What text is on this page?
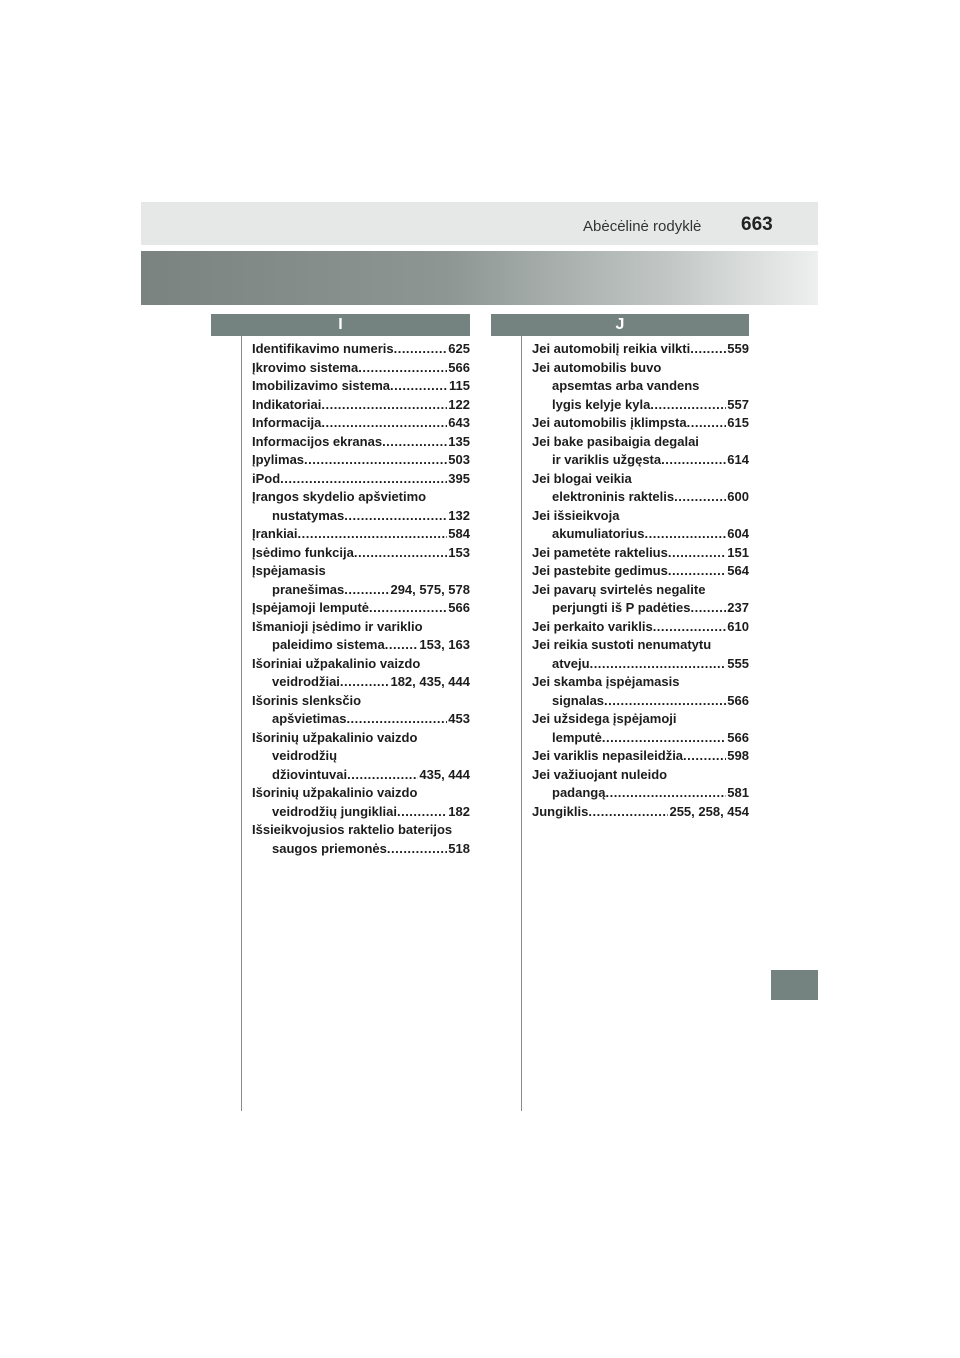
Abėcėlinė rodyklė 663
I	J
Identifikavimo numeris .....	625
Įkrovimo sistema .....	566
Imobilizavimo sistema .....	115
Indikatoriai .....	122
Informacija .....	643
Informacijos ekranas .....	135
Įpylimas .....	503
iPod .....	395
Įrangos skydelio apšvietimo
nustatymas .....	132
Įrankiai .....	584
Įsėdimo funkcija .....	153
Įspėjamasis
pranešimas .....	294, 575, 578
Įspėjamoji lemputė .....	566
Išmanioji įsėdimo ir variklio
paleidimo sistema .....	153, 163
Išoriniai užpakalinio vaizdo
veidrodžiai .....	182, 435, 444
Išorinis slenksčio
apšvietimas .....	453
Išorinių užpakalinio vaizdo
veidrodžių
džiovintuvai .....	435, 444
Išorinių užpakalinio vaizdo
veidrodžių jungikliai .....	182
Išsieikvojusios raktelio baterijos
saugos priemonės .....	518
Jei automobilį reikia vilkti .....	559
Jei automobilis buvo
apsemtas arba vandens
lygis kelyje kyla .....	557
Jei automobilis įklimpsta .....	615
Jei bake pasibaigia degalai
ir variklis užgęsta .....	614
Jei blogai veikia
elektroninis raktelis .....	600
Jei išsieikvoja
akumuliatorius .....	604
Jei pametėte raktelius .....	151
Jei pastebite gedimus .....	564
Jei pavarų svirtelės negalite
perjungti iš P padėties .....	237
Jei perkaito variklis .....	610
Jei reikia sustoti nenumatytu
atveju .....	555
Jei skamba įspėjamasis
signalas .....	566
Jei užsidega įspėjamoji
lemputė .....	566
Jei variklis nepasileidžia .....	598
Jei važiuojant nuleido
padangą .....	581
Jungiklis .....	255, 258, 454
